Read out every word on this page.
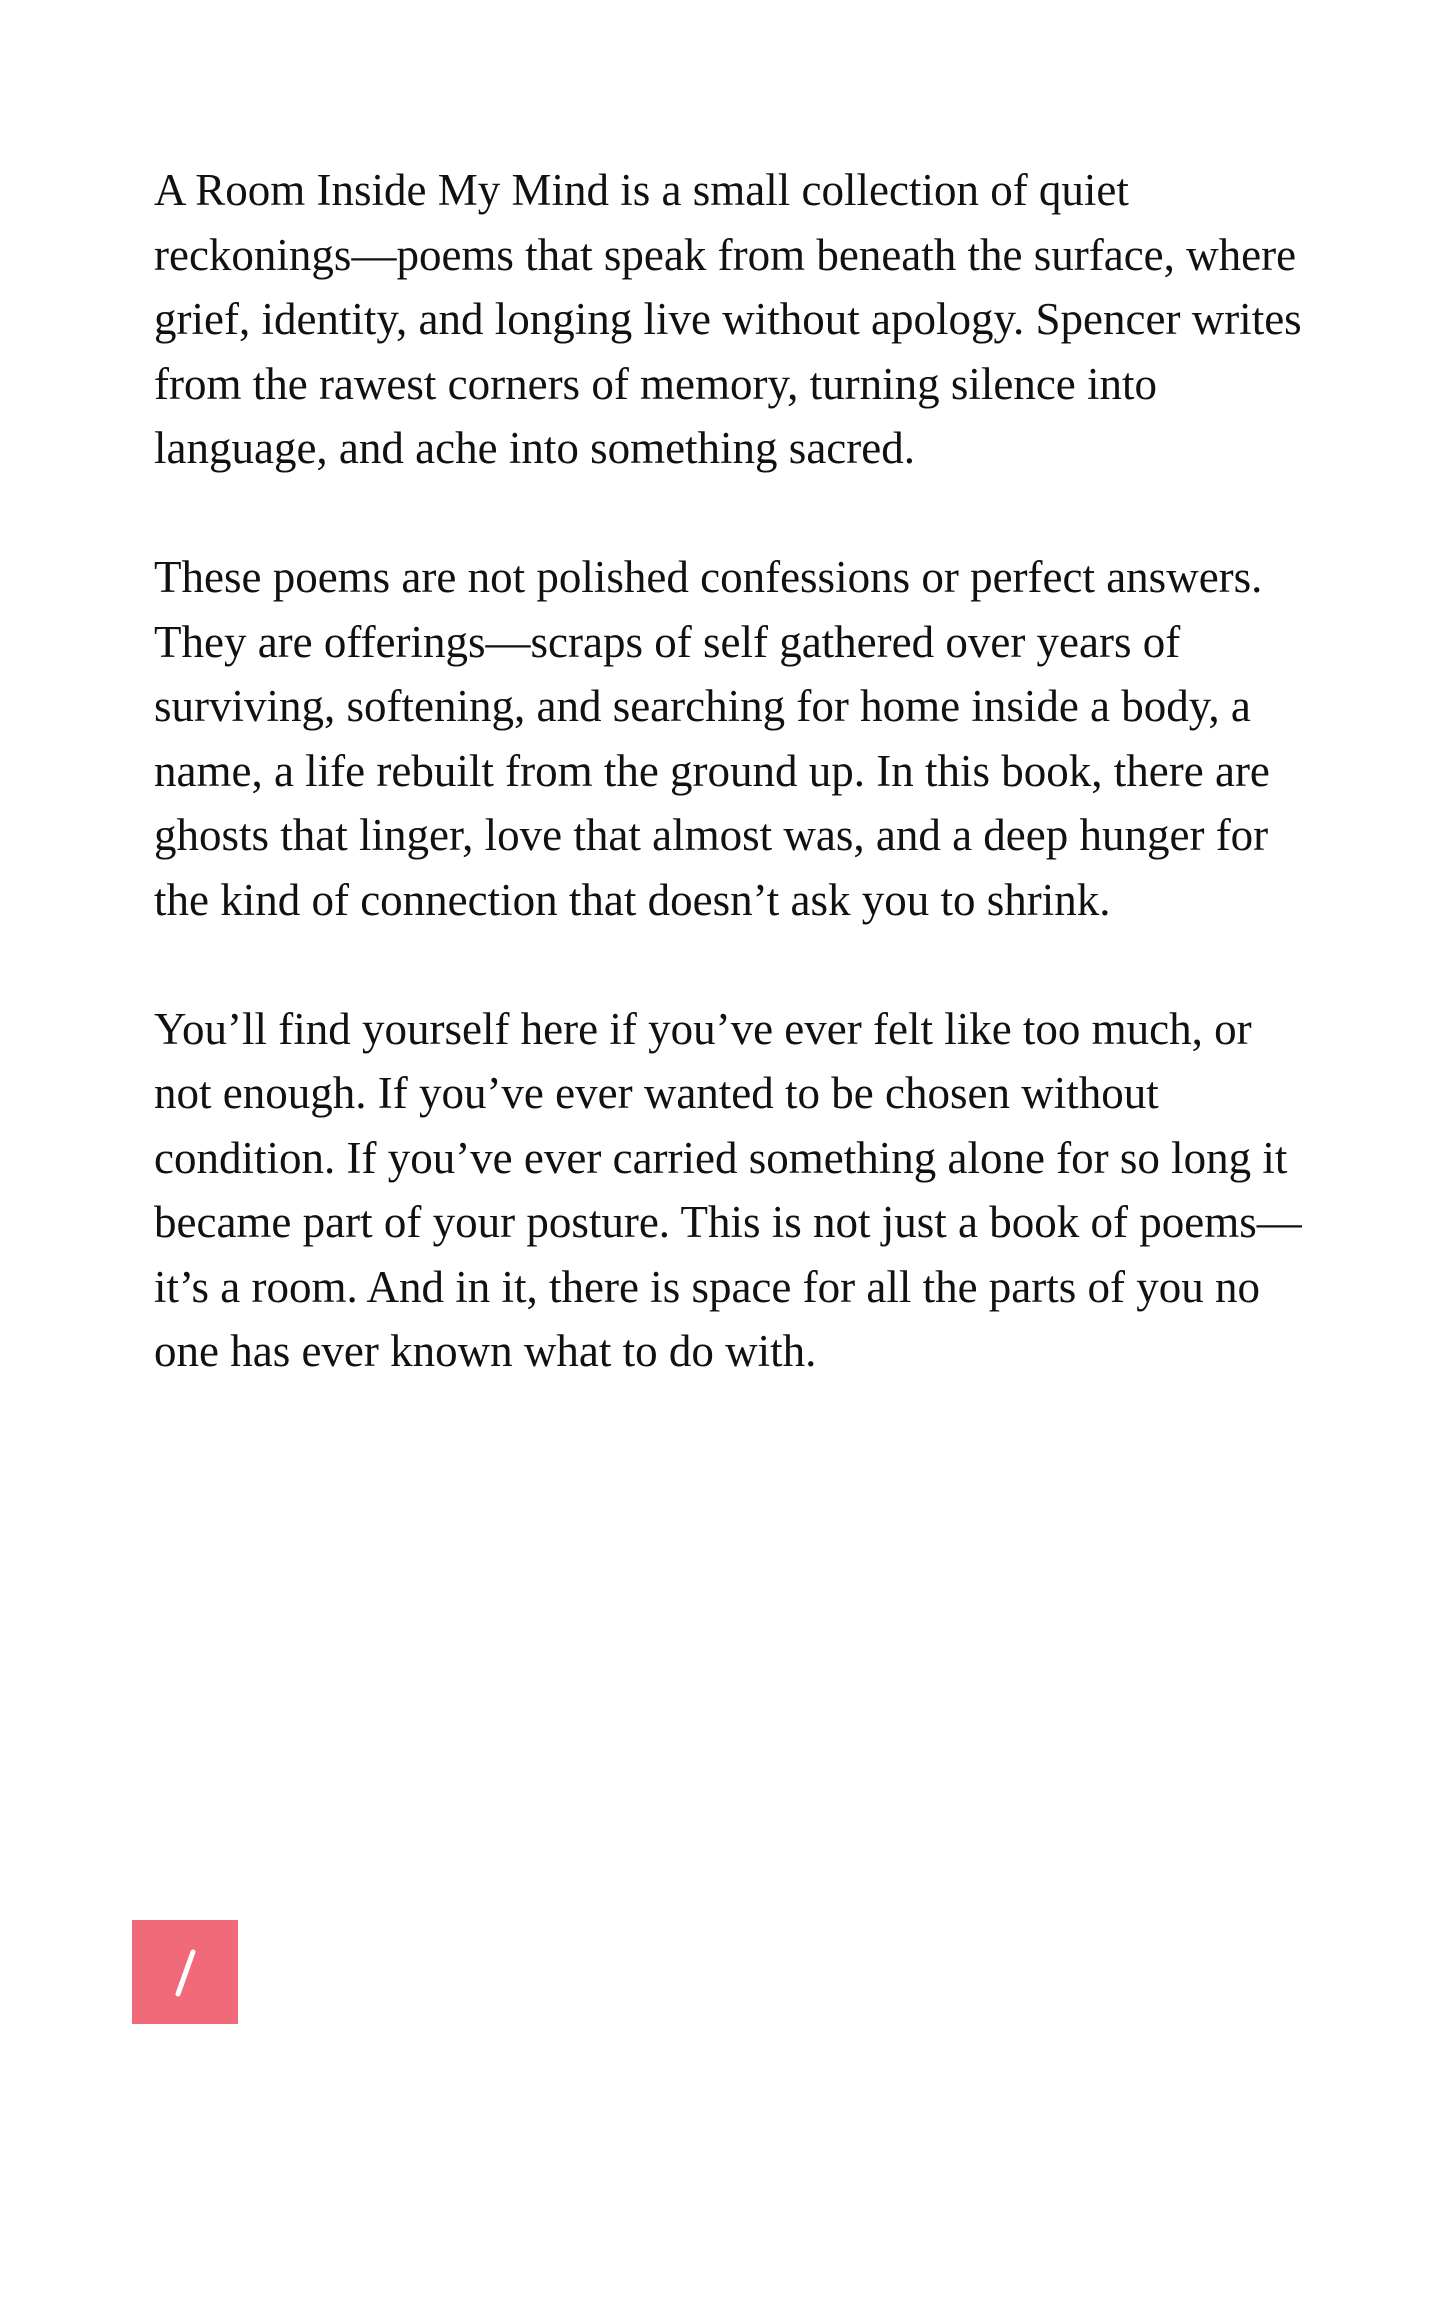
A Room Inside My Mind is a small collection of quiet reckonings—poems that speak from beneath the surface, where grief, identity, and longing live without apology. Spencer writes from the rawest corners of memory, turning silence into language, and ache into something sacred.

These poems are not polished confessions or perfect answers. They are offerings—scraps of self gathered over years of surviving, softening, and searching for home inside a body, a name, a life rebuilt from the ground up. In this book, there are ghosts that linger, love that almost was, and a deep hunger for the kind of connection that doesn’t ask you to shrink.

You’ll find yourself here if you’ve ever felt like too much, or not enough. If you’ve ever wanted to be chosen without condition. If you’ve ever carried something alone for so long it became part of your posture. This is not just a book of poems—it’s a room. And in it, there is space for all the parts of you no one has ever known what to do with.
